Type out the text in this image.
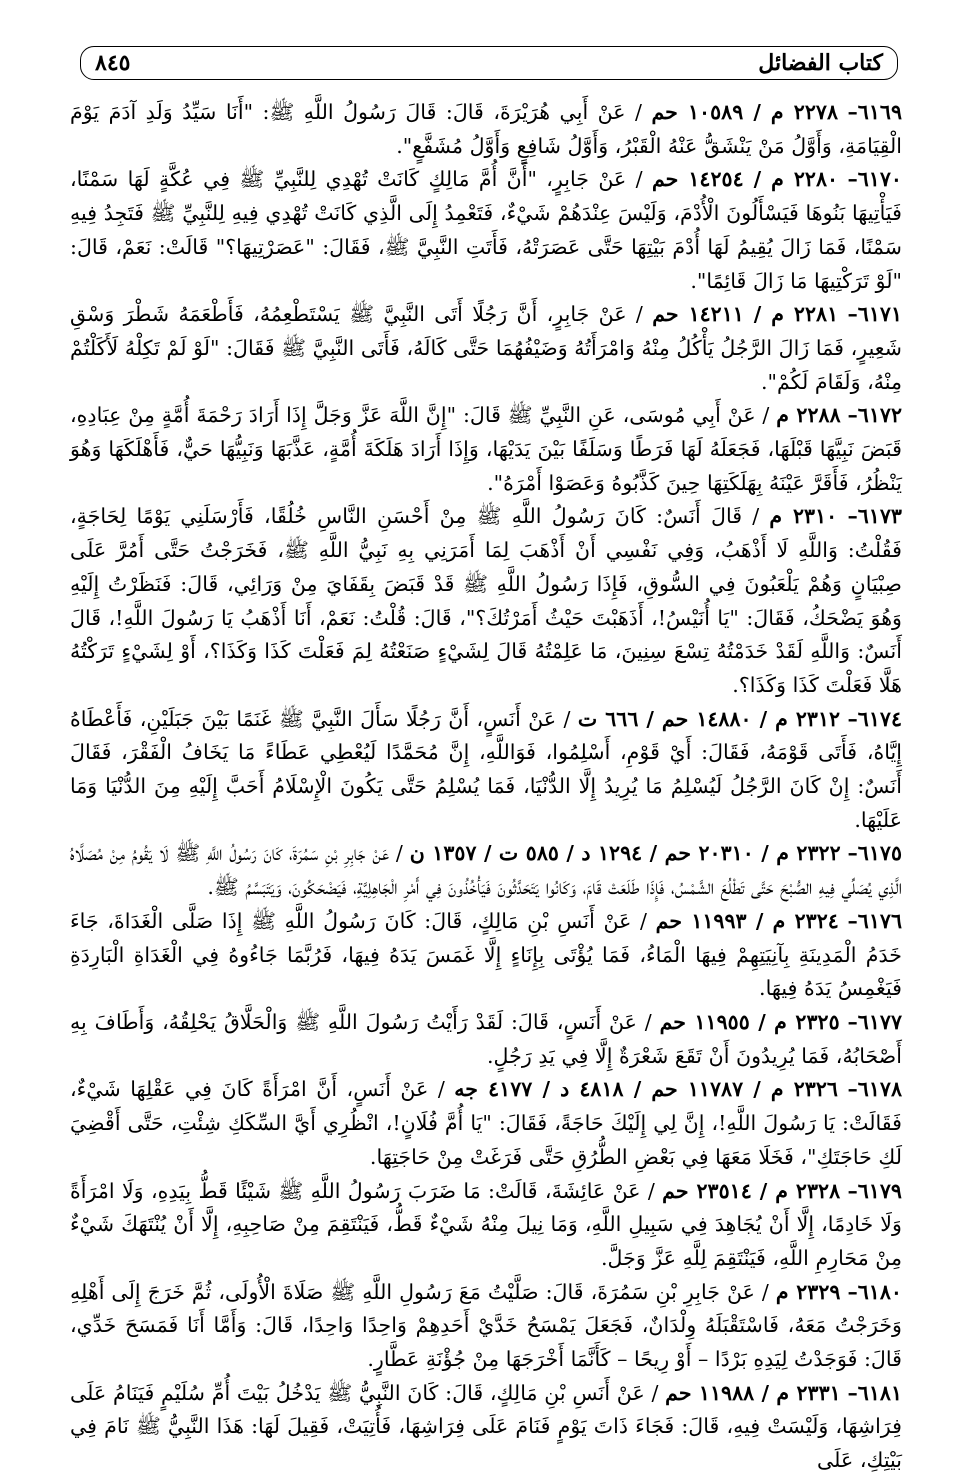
كتاب الفضائل
٨٤٥

٦١٦٩– ٢٢٧٨ م / ١٠٥٨٩ حم / عَنْ أَبِي هُرَيْرَةَ، قَالَ: قَالَ رَسُولُ اللَّهِ ﷺ: "أَنَا سَيِّدُ وَلَدِ آدَمَ يَوْمَ الْقِيَامَةِ، وَأَوَّلُ مَنْ يَنْشَقُّ عَنْهُ الْقَبْرُ، وَأَوَّلُ شَافِعٍ وَأَوَّلُ مُشَفَّعٍ".

٦١٧٠– ٢٢٨٠ م / ١٤٢٥٤ حم / عَنْ جَابِرٍ، "أَنَّ أُمَّ مَالِكٍ كَانَتْ تُهْدِي لِلنَّبِيِّ ﷺ فِي عُكَّةٍ لَهَا سَمْنًا، فَيَأْتِيهَا بَنُوهَا فَيَسْأَلُونَ الْأُدْمَ، وَلَيْسَ عِنْدَهُمْ شَيْءٌ، فَتَعْمِدُ إِلَى الَّذِي كَانَتْ تُهْدِي فِيهِ لِلنَّبِيِّ ﷺ فَتَجِدُ فِيهِ سَمْنًا، فَمَا زَالَ يُقِيمُ لَهَا أُدْمَ بَيْتِهَا حَتَّى عَصَرَتْهُ، فَأَتَتِ النَّبِيَّ ﷺ، فَقَالَ: "عَصَرْتِيهَا؟" قَالَتْ: نَعَمْ، قَالَ: "لَوْ تَرَكْتِيهَا مَا زَالَ قَائِمًا".

٦١٧١– ٢٢٨١ م / ١٤٢١١ حم / عَنْ جَابِرٍ، أَنَّ رَجُلًا أَتَى النَّبِيَّ ﷺ يَسْتَطْعِمُهُ، فَأَطْعَمَهُ شَطْرَ وَسْقِ شَعِيرٍ، فَمَا زَالَ الرَّجُلُ يَأْكُلُ مِنْهُ وَامْرَأَتُهُ وَضَيْفُهُمَا حَتَّى كَالَهُ، فَأَتَى النَّبِيَّ ﷺ فَقَالَ: "لَوْ لَمْ تَكِلْهُ لَأَكَلْتُمْ مِنْهُ، وَلَقَامَ لَكُمْ".

٦١٧٢– ٢٢٨٨ م / عَنْ أَبِي مُوسَى، عَنِ النَّبِيِّ ﷺ قَالَ: "إِنَّ اللَّهَ عَزَّ وَجَلَّ إِذَا أَرَادَ رَحْمَةَ أُمَّةٍ مِنْ عِبَادِهِ، قَبَضَ نَبِيَّهَا قَبْلَهَا، فَجَعَلَهُ لَهَا فَرَطًا وَسَلَفًا بَيْنَ يَدَيْهَا، وَإِذَا أَرَادَ هَلَكَةَ أُمَّةٍ، عَذَّبَهَا وَنَبِيُّهَا حَيٌّ، فَأَهْلَكَهَا وَهُوَ يَنْظُرُ، فَأَقَرَّ عَيْنَهُ بِهَلَكَتِهَا حِينَ كَذَّبُوهُ وَعَصَوْا أَمْرَهُ".

٦١٧٣– ٢٣١٠ م / قَالَ أَنَسٌ: كَانَ رَسُولُ اللَّهِ ﷺ مِنْ أَحْسَنِ النَّاسِ خُلُقًا، فَأَرْسَلَنِي يَوْمًا لِحَاجَةٍ، فَقُلْتُ: وَاللَّهِ لَا أَذْهَبُ، وَفِي نَفْسِي أَنْ أَذْهَبَ لِمَا أَمَرَنِي بِهِ نَبِيُّ اللَّهِ ﷺ، فَخَرَجْتُ حَتَّى أَمُرَّ عَلَى صِبْيَانٍ وَهُمْ يَلْعَبُونَ فِي السُّوقِ، فَإِذَا رَسُولُ اللَّهِ ﷺ قَدْ قَبَضَ بِقَفَايَ مِنْ وَرَائِي، قَالَ: فَنَظَرْتُ إِلَيْهِ وَهُوَ يَضْحَكُ، فَقَالَ: "يَا أُنَيْسُ!، أَذَهَبْتَ حَيْثُ أَمَرْتُكَ؟"، قَالَ: قُلْتُ: نَعَمْ، أَنَا أَذْهَبُ يَا رَسُولَ اللَّهِ!، قَالَ أَنَسٌ: وَاللَّهِ لَقَدْ خَدَمْتُهُ تِسْعَ سِنِينَ، مَا عَلِمْتُهُ قَالَ لِشَيْءٍ صَنَعْتُهُ لِمَ فَعَلْتَ كَذَا وَكَذَا؟، أَوْ لِشَيْءٍ تَرَكْتُهُ هَلَّا فَعَلْتَ كَذَا وَكَذَا؟.

٦١٧٤– ٢٣١٢ م / ١٤٨٨٠ حم / ٦٦٦ ت / عَنْ أَنَسٍ، أَنَّ رَجُلًا سَأَلَ النَّبِيَّ ﷺ غَنَمًا بَيْنَ جَبَلَيْنِ، فَأَعْطَاهُ إِيَّاهُ، فَأَتَى قَوْمَهُ، فَقَالَ: أَيْ قَوْمِ، أَسْلِمُوا، فَوَاللَّهِ، إِنَّ مُحَمَّدًا لَيُعْطِي عَطَاءً مَا يَخَافُ الْفَقْرَ، فَقَالَ أَنَسٌ: إِنْ كَانَ الرَّجُلُ لَيُسْلِمُ مَا يُرِيدُ إِلَّا الدُّنْيَا، فَمَا يُسْلِمُ حَتَّى يَكُونَ الْإِسْلَامُ أَحَبَّ إِلَيْهِ مِنَ الدُّنْيَا وَمَا عَلَيْهَا.

٦١٧٥– ٢٣٢٢ م / ٢٠٣١٠ حم / ١٢٩٤ د / ٥٨٥ ت / ١٣٥٧ ن / عَنْ جَابِرِ بْنِ سَمُرَةَ، كَانَ رَسُولُ اللَّهِ ﷺ لَا يَقُومُ مِنْ مُصَلَّاهُ الَّذِي يُصَلِّي فِيهِ الصُّبْحَ حَتَّى تَطْلُعَ الشَّمْسُ، فَإِذَا طَلَعَتْ قَامَ، وَكَانُوا يَتَحَدَّثُونَ فَيَأْخُذُونَ فِي أَمْرِ الْجَاهِلِيَّةِ، فَيَضْحَكُونَ، وَيَتَبَسَّمُ ﷺ.

٦١٧٦– ٢٣٢٤ م / ١١٩٩٣ حم / عَنْ أَنَسِ بْنِ مَالِكٍ، قَالَ: كَانَ رَسُولُ اللَّهِ ﷺ إِذَا صَلَّى الْغَدَاةَ، جَاءَ خَدَمُ الْمَدِينَةِ بِآنِيَتِهِمْ فِيهَا الْمَاءُ، فَمَا يُؤْتَى بِإِنَاءٍ إِلَّا غَمَسَ يَدَهُ فِيهَا، فَرُبَّمَا جَاءُوهُ فِي الْغَدَاةِ الْبَارِدَةِ فَيَغْمِسُ يَدَهُ فِيهَا.

٦١٧٧– ٢٣٢٥ م / ١١٩٥٥ حم / عَنْ أَنَسٍ، قَالَ: لَقَدْ رَأَيْتُ رَسُولَ اللَّهِ ﷺ وَالْحَلَّاقُ يَحْلِقُهُ، وَأَطَافَ بِهِ أَصْحَابُهُ، فَمَا يُرِيدُونَ أَنْ تَقَعَ شَعْرَةٌ إِلَّا فِي يَدِ رَجُلٍ.

٦١٧٨– ٢٣٢٦ م / ١١٧٨٧ حم / ٤٨١٨ د / ٤١٧٧ جه / عَنْ أَنَسٍ، أَنَّ امْرَأَةً كَانَ فِي عَقْلِهَا شَيْءٌ، فَقَالَتْ: يَا رَسُولَ اللَّهِ!، إِنَّ لِي إِلَيْكَ حَاجَةً، فَقَالَ: "يَا أُمَّ فُلَانٍ!، انْظُرِي أَيَّ السِّكَكِ شِئْتِ، حَتَّى أَقْضِيَ لَكِ حَاجَتَكِ"، فَخَلَا مَعَهَا فِي بَعْضِ الطُّرُقِ حَتَّى فَرَغَتْ مِنْ حَاجَتِهَا.

٦١٧٩– ٢٣٢٨ م / ٢٣٥١٤ حم / عَنْ عَائِشَةَ، قَالَتْ: مَا ضَرَبَ رَسُولُ اللَّهِ ﷺ شَيْئًا قَطُّ بِيَدِهِ، وَلَا امْرَأَةً وَلَا خَادِمًا، إِلَّا أَنْ يُجَاهِدَ فِي سَبِيلِ اللَّهِ، وَمَا نِيلَ مِنْهُ شَيْءٌ قَطُّ، فَيَنْتَقِمَ مِنْ صَاحِبِهِ، إِلَّا أَنْ يُنْتَهَكَ شَيْءٌ مِنْ مَحَارِمِ اللَّهِ، فَيَنْتَقِمَ لِلَّهِ عَزَّ وَجَلَّ.

٦١٨٠– ٢٣٢٩ م / عَنْ جَابِرِ بْنِ سَمُرَةَ، قَالَ: صَلَّيْتُ مَعَ رَسُولِ اللَّهِ ﷺ صَلَاةَ الْأُولَى، ثُمَّ خَرَجَ إِلَى أَهْلِهِ وَخَرَجْتُ مَعَهُ، فَاسْتَقْبَلَهُ وِلْدَانٌ، فَجَعَلَ يَمْسَحُ خَدَّيْ أَحَدِهِمْ وَاحِدًا وَاحِدًا، قَالَ: وَأَمَّا أَنَا فَمَسَحَ خَدِّي، قَالَ: فَوَجَدْتُ لِيَدِهِ بَرْدًا – أَوْ رِيحًا – كَأَنَّمَا أَخْرَجَهَا مِنْ جُؤْنَةِ عَطَّارٍ.

٦١٨١– ٢٣٣١ م / ١١٩٨٨ حم / عَنْ أَنَسِ بْنِ مَالِكٍ، قَالَ: كَانَ النَّبِيُّ ﷺ يَدْخُلُ بَيْتَ أُمِّ سُلَيْمٍ فَيَنَامُ عَلَى فِرَاشِهَا، وَلَيْسَتْ فِيهِ، قَالَ: فَجَاءَ ذَاتَ يَوْمٍ فَنَامَ عَلَى فِرَاشِهَا، فَأُتِيَتْ، فَقِيلَ لَهَا: هَذَا النَّبِيُّ ﷺ نَامَ فِي بَيْتِكِ، عَلَى
